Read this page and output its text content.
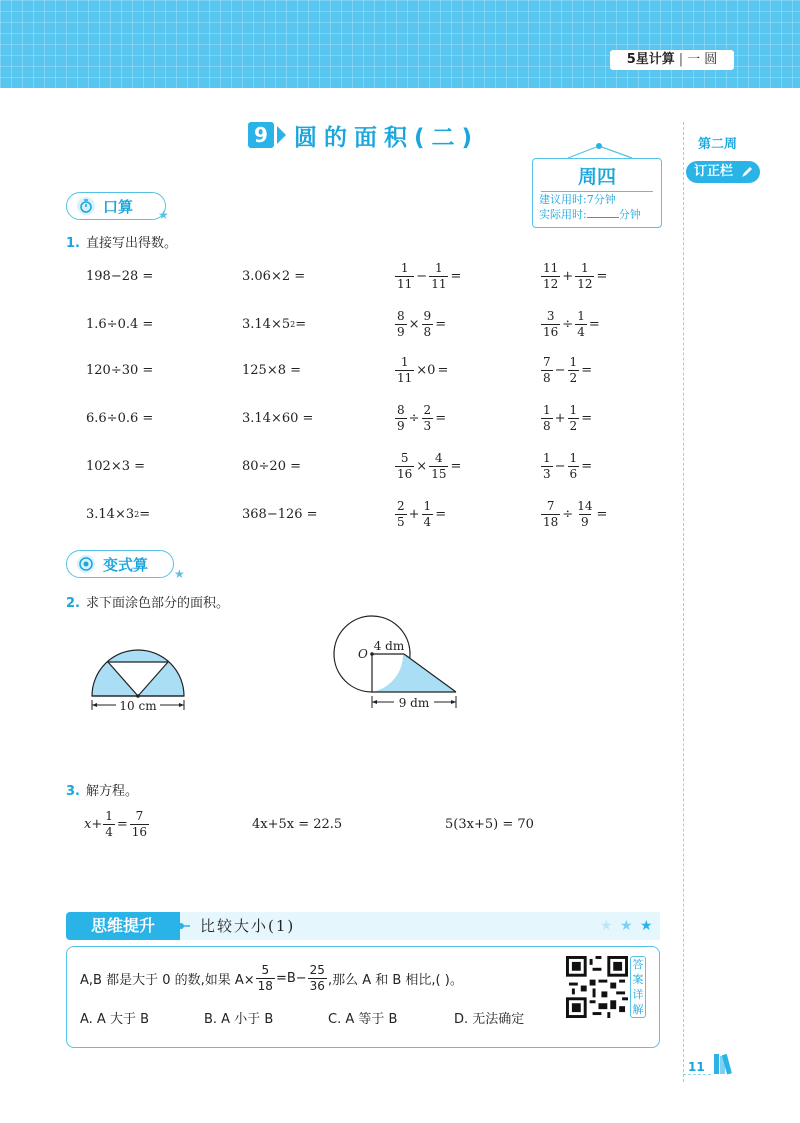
5星计算 | 一 圆
9 圆的面积(二)
周四
建议用时:7分钟
实际用时:	分钟
第二周
订正栏
口算 ★
1. 直接写出得数。
198−28 =	3.06×2 =	$\frac{1}{11} - \frac{1}{11}$ =	$\frac{11}{12} + \frac{1}{12}$ =
1.6÷0.4 =	3.14×5 2 =	$\frac{8}{9} \times \frac{9}{8}$ =	$\frac{3}{16} \div \frac{1}{4}$ =
120÷30 =	125×8 =	$\frac{1}{11} \times 0$ =	$\frac{7}{8} - \frac{1}{2}$ =
6.6÷0.6 =	3.14×60 =	$\frac{8}{9} \div \frac{2}{3}$ =	$\frac{1}{8} + \frac{1}{2}$ =
102×3 =	80÷20 =	$\frac{5}{16} \times \frac{4}{15}$ =	$\frac{1}{3} - \frac{1}{6}$ =
3.14×3 2 =	368−126 =	$\frac{2}{5} + \frac{1}{4}$ =	$\frac{7}{18} \div \frac{14}{9}$ =
变式算
★
2. 求下面涂色部分的面积。
10 cm
O
4 dm
9 dm
3. 解方程。
$x+ \frac{1}{4} = \frac{7}{16}$	4x+5x = 22.5	5(3x+5) = 70
思维提升	比较大小(1)	★ ★ ★
A,B 都是大于 0 的数,如果 $A\times \frac{5}{18} =B- \frac{25}{36}$ ,那么 A 和 B 相比,( )。
A. A 大于 B	B. A 小于 B	C. A 等于 B	D. 无法确定
答案详解
11
